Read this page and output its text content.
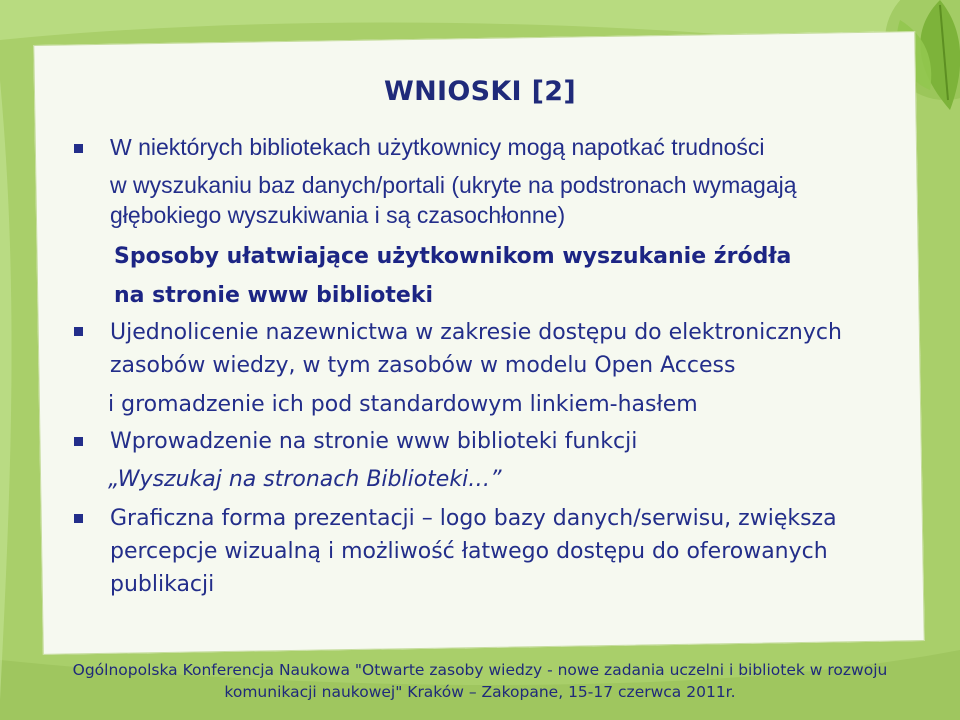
WNIOSKI [2]
W niektórych bibliotekach użytkownicy mogą napotkać trudności
w wyszukaniu baz danych/portali (ukryte na podstronach wymagają
głębokiego wyszukiwania i są czasochłonne)
Sposoby ułatwiające użytkownikom wyszukanie źródła
na stronie www biblioteki
Ujednolicenie nazewnictwa w zakresie dostępu do elektronicznych
zasobów wiedzy, w tym zasobów w modelu Open Access
i gromadzenie ich pod standardowym linkiem-hasłem
Wprowadzenie na stronie www biblioteki funkcji
„Wyszukaj na stronach Biblioteki…”
Graficzna forma prezentacji – logo bazy danych/serwisu, zwiększa
percepcje wizualną i możliwość łatwego dostępu do oferowanych
publikacji
Ogólnopolska Konferencja Naukowa "Otwarte zasoby wiedzy - nowe zadania uczelni i bibliotek w rozwoju
komunikacji naukowej" Kraków – Zakopane, 15-17 czerwca 2011r.
